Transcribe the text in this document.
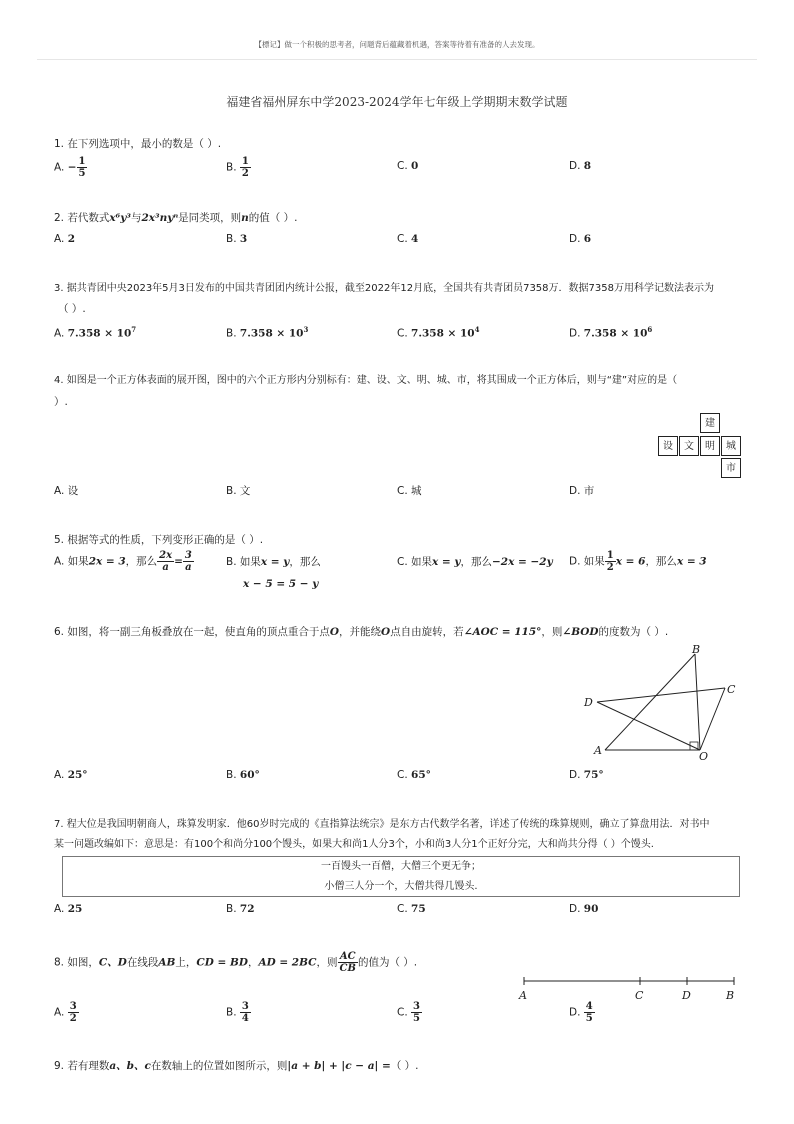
【標记】做一个积极的思考者，问题背后蕴藏着机遇，答案等待着有准备的人去发现。
福建省福州屏东中学2023-2024学年七年级上学期期末数学试题
1. 在下列选项中，最小的数是（ ）.
A. − $\frac{1}{5}$	B. $\frac{1}{2}$	C. 0	D. 8
2. 若代数式x⁶y³与2x³nyⁿ是同类项，则n的值（ ）.
A. 2	B. 3	C. 4	D. 6
3. 据共青团中央2023年5月3日发布的中国共青团团内统计公报，截至2022年12月底，全国共有共青团员7358万．数据7358万用科学记数法表示为
（ ）.
A. $7.358 \times 10^7$	B. $7.358 \times 10^3$	C. $7.358 \times 10^4$	D. $7.358 \times 10^6$
4. 如图是一个正方体表面的展开图，图中的六个正方形内分别标有：建、设、文、明、城、市，将其围成一个正方体后，则与“建”对应的是（
）.
建
设	文	明	城
市
A. 设	B. 文	C. 城	D. 市
5. 根据等式的性质，下列变形正确的是（ ）.
A. 如果2x = 3，那么 $\frac{2x}{a} = \frac{3}{a}$	B. 如果x = y，那么
x − 5 = 5 − y
C. 如果x = y，那么−2x = −2y D. 如果 $\frac{1}{2}$ x = 6，那么x = 3
6. 如图，将一副三角板叠放在一起，使直角的顶点重合于点O，并能绕O点自由旋转，若∠AOC = 115°，则∠BOD的度数为（ ）.
B
C
D
A	O
A. 25°	B. 60°	C. 65°	D. 75°
7. 程大位是我国明朝商人，珠算发明家．他60岁时完成的《直指算法统宗》是东方古代数学名著，详述了传统的珠算规则，确立了算盘用法．对书中
某一问题改编如下：意思是：有100个和尚分100个馒头，如果大和尚1人分3个，小和尚3人分1个正好分完，大和尚共分得（ ）个馒头.
一百馒头一百僧，大僧三个更无争；
小僧三人分一个，大僧共得几馒头.
A. 25	B. 72	C. 75	D. 90
8. 如图，C、D在线段AB上，CD = BD，AD = 2BC，则 $\frac{AC}{CB}$ 的值为（ ）.
A	C	D	B
A. $\frac{3}{2}$	B. $\frac{3}{4}$	C. $\frac{3}{5}$	D. $\frac{4}{5}$
9. 若有理数a、b、c在数轴上的位置如图所示，则|a + b| + |c − a| =（ ）.
